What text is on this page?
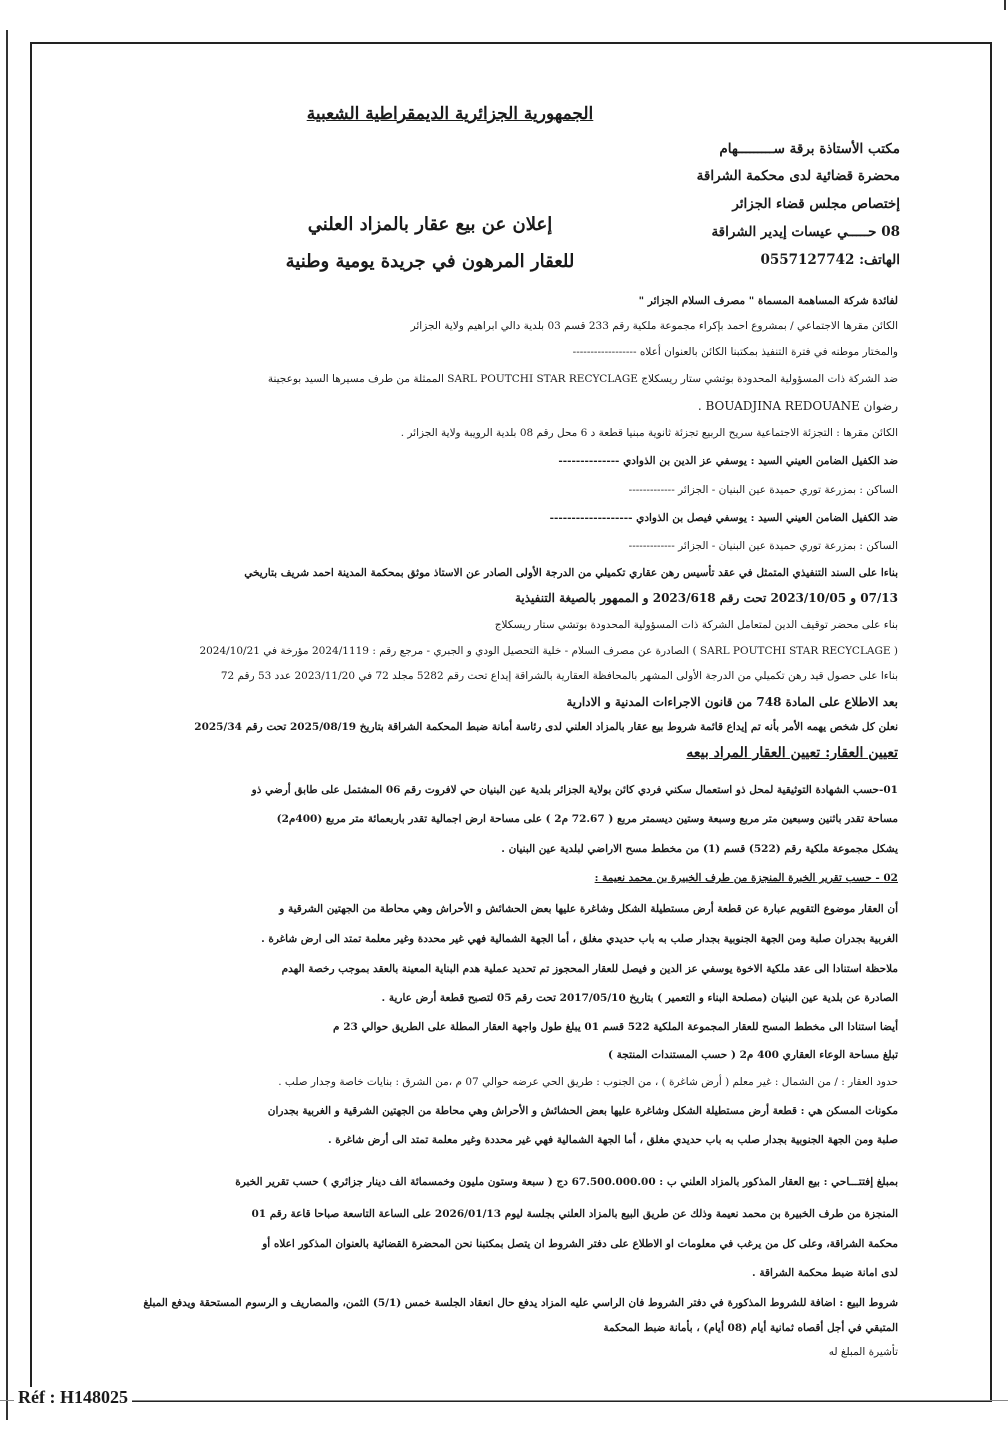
الجمهورية الجزائرية الديمقراطية الشعبية
مكتب الأستاذة برقة ســـــــــهام
محضرة قضائية لدى محكمة الشراقة
إختصاص مجلس قضاء الجزائر
08 حـــــي عيسات إيدير الشراقة
الهاتف: 0557127742
إعلان عن بيع عقار بالمزاد العلني
للعقار المرهون في جريدة يومية وطنية
لفائدة شركة المساهمة المسماة " مصرف السلام الجزائر "
الكائن مقرها الاجتماعي / بمشروع احمد بإكراء مجموعة ملكية رقم 233 قسم 03 بلدية دالي ابراهيم ولاية الجزائر
والمختار موطنه في فترة التنفيذ بمكتبنا الكائن بالعنوان أعلاه ------------------
ضد الشركة ذات المسؤولية المحدودة بوتشي ستار ريسكلاج SARL POUTCHI STAR RECYCLAGE الممثلة من طرف مسيرها السيد بوعجينة
رضوان BOUADJINA REDOUANE .
الكائن مقرها : التجزئة الاجتماعية سريح الربيع تجزئة ثانوية مبنيا قطعة د 6 محل رقم 08 بلدية الرويبة ولاية الجزائر .
ضد الكفيل الضامن العيني السيد : يوسفي عز الدين بن الذوادي --------------
الساكن : بمزرعة توري حميدة عين البنيان - الجزائر -------------
ضد الكفيل الضامن العيني السيد : يوسفي فيصل بن الذوادي -------------------
الساكن : بمزرعة توري حميدة عين البنيان - الجزائر -------------
بناءا على السند التنفيذي المتمثل في عقد تأسيس رهن عقاري تكميلي من الدرجة الأولى الصادر عن الاستاذ موثق بمحكمة المدينة احمد شريف بتاريخي
07/13 و 2023/10/05 تحت رقم 2023/618 و الممهور بالصيغة التنفيذية
بناء على محضر توقيف الدين لمتعامل الشركة ذات المسؤولية المحدودة بوتشي ستار ريسكلاج
( SARL POUTCHI STAR RECYCLAGE ) الصادرة عن مصرف السلام - خلية التحصيل الودي و الجبري - مرجع رقم : 2024/1119 مؤرخة في 2024/10/21
بناءا على حصول قيد رهن تكميلي من الدرجة الأولى المشهر بالمحافظة العقارية بالشراقة إيداع تحت رقم 5282 مجلد 72 في 2023/11/20 عدد 53 رقم 72
بعد الاطلاع على المادة 748 من قانون الاجراءات المدنية و الادارية
نعلن كل شخص يهمه الأمر بأنه تم إيداع قائمة شروط بيع عقار بالمزاد العلني لدى رئاسة أمانة ضبط المحكمة الشراقة بتاريخ 2025/08/19 تحت رقم 2025/34
تعيين العقار: تعيين العقار المراد بيعه
01-حسب الشهادة التوثيقية لمحل ذو استعمال سكني فردي كائن بولاية الجزائر بلدية عين البنيان حي لافروت رقم 06 المشتمل على طابق أرضي ذو
مساحة تقدر باثنين وسبعين متر مربع وسبعة وستين ديسمتر مربع ( 72.67 م2 ) على مساحة ارض اجمالية تقدر باربعمائة متر مربع (400م2)
يشكل مجموعة ملكية رقم (522) قسم (1) من مخطط مسح الاراضي لبلدية عين البنيان .
02 - حسب تقرير الخبرة المنجزة من طرف الخبيرة بن محمد نعيمة :
أن العقار موضوع التقويم عبارة عن قطعة أرض مستطيلة الشكل وشاغرة عليها بعض الحشائش و الأحراش وهي محاطة من الجهتين الشرقية و
الغربية بجدران صلبة ومن الجهة الجنوبية بجدار صلب به باب حديدي مغلق ، أما الجهة الشمالية فهي غير محددة وغير معلمة تمتد الى ارض شاغرة .
ملاحظة استنادا الى عقد ملكية الاخوة يوسفي عز الدين و فيصل للعقار المحجوز تم تحديد عملية هدم البناية المعينة بالعقد بموجب رخصة الهدم
الصادرة عن بلدية عين البنيان (مصلحة البناء و التعمير ) بتاريخ 2017/05/10 تحت رقم 05 لتصبح قطعة أرض عارية .
أيضا استنادا الى مخطط المسح للعقار المجموعة الملكية 522 قسم 01 يبلغ طول واجهة العقار المطلة على الطريق حوالي 23 م
تبلغ مساحة الوعاء العقاري 400 م2 ( حسب المستندات المنتجة )
حدود العقار : / من الشمال : غير معلم ( أرض شاغرة ) ، من الجنوب : طريق الحي عرضه حوالي 07 م ،من الشرق : بنايات خاصة وجدار صلب .
مكونات المسكن هي : قطعة أرض مستطيلة الشكل وشاغرة عليها بعض الحشائش و الأحراش وهي محاطة من الجهتين الشرقية و الغربية بجدران
صلبة ومن الجهة الجنوبية بجدار صلب به باب حديدي مغلق ، أما الجهة الشمالية فهي غير محددة وغير معلمة تمتد الى أرض شاغرة .
بمبلغ إفتتـــاحي : بيع العقار المذكور بالمزاد العلني ب : 67.500.000.00 دج ( سبعة وستون مليون وخمسمائة الف دينار جزائري ) حسب تقرير الخبرة
المنجزة من طرف الخبيرة بن محمد نعيمة وذلك عن طريق البيع بالمزاد العلني بجلسة ليوم 2026/01/13 على الساعة التاسعة صباحا قاعة رقم 01
محكمة الشراقة، وعلى كل من يرغب في معلومات او الاطلاع على دفتر الشروط ان يتصل بمكتبنا نحن المحضرة القضائية بالعنوان المذكور اعلاه أو
لدى امانة ضبط محكمة الشراقة .
شروط البيع : اضافة للشروط المذكورة في دفتر الشروط فان الراسي عليه المزاد يدفع حال انعقاد الجلسة خمس (5/1) الثمن، والمصاريف و الرسوم المستحقة ويدفع المبلغ
المتبقي في أجل أقصاه ثمانية أيام (08 أيام) ، بأمانة ضبط المحكمة
تأشيرة المبلغ له
Réf : H148025
